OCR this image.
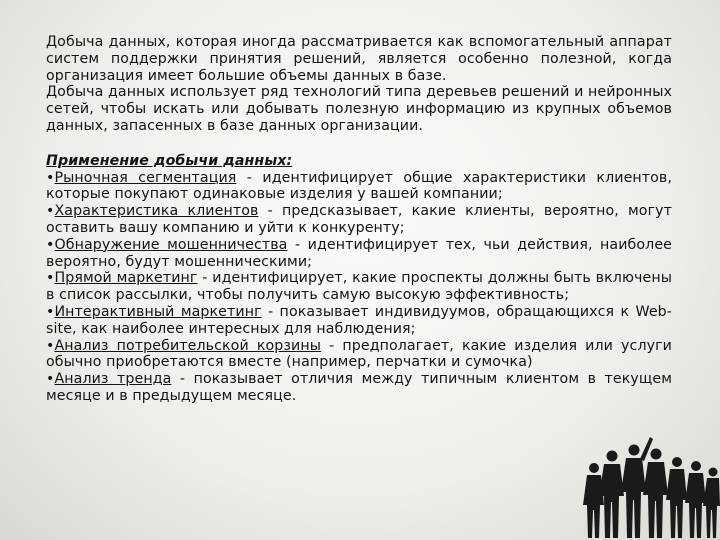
Добыча данных, которая иногда рассматривается как вспомогательный аппарат систем поддержки принятия решений, является особенно полезной, когда организация имеет большие объемы данных в базе.

Добыча данных использует ряд технологий типа деревьев решений и нейронных сетей, чтобы искать или добывать полезную информацию из крупных объемов данных, запасенных в базе данных организации.

Применение добычи данных:

•Рыночная сегментация - идентифицирует общие характеристики клиентов, которые покупают одинаковые изделия у вашей компании;

•Характеристика клиентов - предсказывает, какие клиенты, вероятно, могут оставить вашу компанию и уйти к конкуренту;

•Обнаружение мошенничества - идентифицирует тех, чьи действия, наиболее вероятно, будут мошенническими;

•Прямой маркетинг - идентифицирует, какие проспекты должны быть включены в список рассылки, чтобы получить самую высокую эффективность;

•Интерактивный маркетинг - показывает индивидуумов, обращающихся к Web-site, как наиболее интересных для наблюдения;

•Анализ потребительской корзины - предполагает, какие изделия или услуги обычно приобретаются вместе (например, перчатки и сумочка)

•Анализ тренда - показывает отличия между типичным клиентом в текущем месяце и в предыдущем месяце.
